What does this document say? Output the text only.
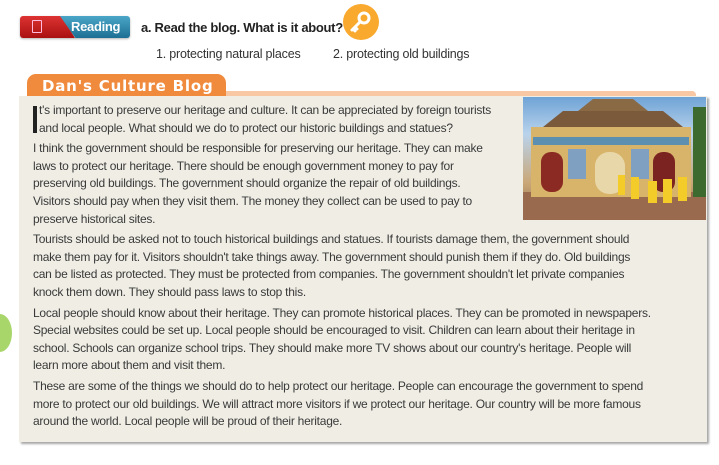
Reading a. Read the blog. What is it about?
1. protecting natural places	2. protecting old buildings
Dan's Culture Blog

t's important to preserve our heritage and culture. It can be appreciated by foreign tourists
and local people. What should we do to protect our historic buildings and statues?

I think the government should be responsible for preserving our heritage. They can make
laws to protect our heritage. There should be enough government money to pay for
preserving old buildings. The government should organize the repair of old buildings.
Visitors should pay when they visit them. The money they collect can be used to pay to
preserve historical sites.

Tourists should be asked not to touch historical buildings and statues. If tourists damage them, the government should
make them pay for it. Visitors shouldn't take things away. The government should punish them if they do. Old buildings
can be listed as protected. They must be protected from companies. The government shouldn't let private companies
knock them down. They should pass laws to stop this.

Local people should know about their heritage. They can promote historical places. They can be promoted in newspapers.
Special websites could be set up. Local people should be encouraged to visit. Children can learn about their heritage in
school. Schools can organize school trips. They should make more TV shows about our country's heritage. People will
learn more about them and visit them.

These are some of the things we should do to help protect our heritage. People can encourage the government to spend
more to protect our old buildings. We will attract more visitors if we protect our heritage. Our country will be more famous
around the world. Local people will be proud of their heritage.
